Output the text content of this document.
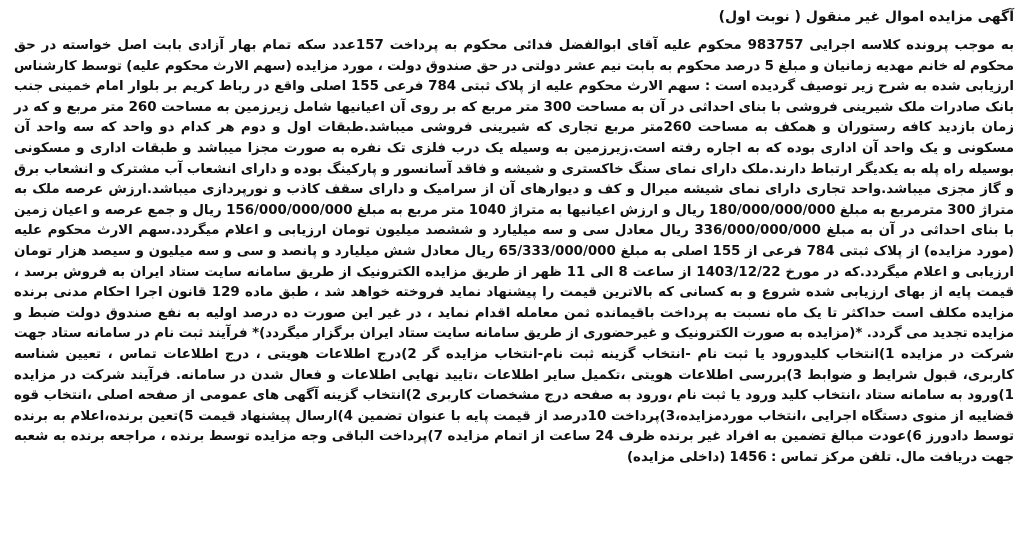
آگهی مزایده اموال غیر منقول ( نوبت اول)

به موجب پرونده کلاسه اجرایی 983757 محکوم علیه آقای ابوالفضل فدائی محکوم به پرداخت 157عدد سکه تمام بهار آزادی بابت اصل خواسته در حق محکوم له خانم مهدیه زمانیان و مبلغ 5 درصد محکوم به بابت نیم عشر دولتی در حق صندوق دولت ، مورد مزایده (سهم الارث محکوم علیه) توسط کارشناس ارزیابی شده به شرح زیر توصیف گردیده است : سهم الارث محکوم علیه از پلاک ثبتی 784 فرعی 155 اصلی واقع در رباط کریم بر بلوار امام خمینی جنب بانک صادرات ملک شیرینی فروشی با بنای احداثی در آن به مساحت 300 متر مربع که بر روی آن اعیانیها شامل زیرزمین به مساحت 260 متر مربع و که در زمان بازدید کافه رستوران و همکف به مساحت 260متر مربع تجاری که شیرینی فروشی میباشد.طبقات اول و دوم هر کدام دو واحد که سه واحد آن مسکونی و یک واحد آن اداری بوده که به اجاره رفته است.زیرزمین به وسیله یک درب فلزی تک نفره به صورت مجزا میباشد و طبقات اداری و مسکونی بوسیله راه پله به یکدیگر ارتباط دارند.ملک دارای نمای سنگ خاکستری و شیشه و فاقد آسانسور و پارکینگ بوده و دارای انشعاب آب مشترک و انشعاب برق و گاز مجزی میباشد.واحد تجاری دارای نمای شیشه میرال و کف و دیوارهای آن از سرامیک و دارای سقف کاذب و نورپردازی میباشد.ارزش عرصه ملک به متراژ 300 مترمربع به مبلغ 180/000/000/000 ریال و ارزش اعیانیها به متراژ 1040 متر مربع به مبلغ 156/000/000/000 ریال و جمع عرصه و اعیان زمین با بنای احداثی در آن به مبلغ 336/000/000/000 ریال معادل سی و سه میلیارد و ششصد میلیون تومان ارزیابی و اعلام میگردد.سهم الارث محکوم علیه (مورد مزایده) از پلاک ثبتی 784 فرعی از 155 اصلی به مبلغ 65/333/000/000 ریال معادل شش میلیارد و پانصد و سی و سه میلیون و سیصد هزار تومان ارزیابی و اعلام میگردد.که در مورخ 1403/12/22 از ساعت 8 الی 11 ظهر از طریق مزایده الکترونیک از طریق سامانه سایت ستاد ایران به فروش برسد ، قیمت پایه از بهای ارزیابی شده شروع و به کسانی که بالاترین قیمت را پیشنهاد نماید فروخته خواهد شد ، طبق ماده 129 قانون اجرا احکام مدنی برنده مزایده مکلف است حداکثر تا یک ماه نسبت به پرداخت باقیمانده ثمن معامله اقدام نماید ، در غیر این صورت ده درصد اولیه به نفع صندوق دولت ضبط و مزایده تجدید می گردد. *(مزایده به صورت الکترونیک و غیرحضوری از طریق سامانه سایت ستاد ایران برگزار میگردد)* فرآیند ثبت نام در سامانه ستاد جهت شرکت در مزایده 1)انتخاب کلیدورود یا ثبت نام -انتخاب گزینه ثبت نام-انتخاب مزایده گر 2)درج اطلاعات هویتی ، درج اطلاعات تماس ، تعیین شناسه کاربری، قبول شرایط و ضوابط 3)بررسی اطلاعات هویتی ،تکمیل سایر اطلاعات ،تایید نهایی اطلاعات و فعال شدن در سامانه. فرآیند شرکت در مزایده 1)ورود به سامانه ستاد ،انتخاب کلید ورود یا ثبت نام ،ورود به صفحه درج مشخصات کاربری 2)انتخاب گزینه آگهی های عمومی از صفحه اصلی ،انتخاب قوه قضاییه از منوی دستگاه اجرایی ،انتخاب موردمزایده،3)پرداخت 10درصد از قیمت پایه با عنوان تضمین 4)ارسال پیشنهاد قیمت 5)تعین برنده،اعلام به برنده توسط دادورز 6)عودت مبالغ تضمین به افراد غیر برنده ظرف 24 ساعت از اتمام مزایده 7)پرداخت الباقی وجه مزایده توسط برنده ، مراجعه برنده به شعبه جهت دریافت مال. تلفن مرکز تماس : 1456 (داخلی مزایده)
